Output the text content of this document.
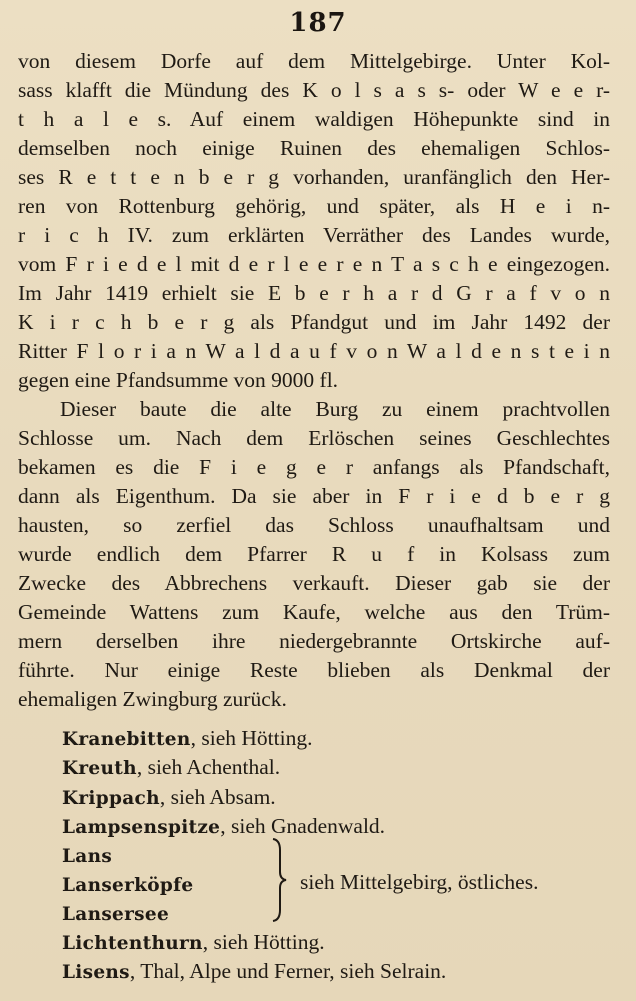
187
von diesem Dorfe auf dem Mittelgebirge. Unter Kol-
sass klafft die Mündung des K o l s a s s- oder W e e r-
t h a l e s. Auf einem waldigen Höhepunkte sind in
demselben noch einige Ruinen des ehemaligen Schlos-
ses R e t t e n b e r g vorhanden, uranfänglich den Her-
ren von Rottenburg gehörig, und später, als H e i n-
r i c h IV. zum erklärten Verräther des Landes wurde,
vom F r i e d e l mit d e r l e e r e n T a s c h e eingezogen.
Im Jahr 1419 erhielt sie E b e r h a r d G r a f v o n
K i r c h b e r g als Pfandgut und im Jahr 1492 der
Ritter F l o r i a n W a l d a u f v o n W a l d e n s t e i n
gegen eine Pfandsumme von 9000 fl.
Dieser baute die alte Burg zu einem prachtvollen
Schlosse um. Nach dem Erlöschen seines Geschlechtes
bekamen es die F i e g e r anfangs als Pfandschaft,
dann als Eigenthum. Da sie aber in F r i e d b e r g
hausten, so zerfiel das Schloss unaufhaltsam und
wurde endlich dem Pfarrer R u f in Kolsass zum
Zwecke des Abbrechens verkauft. Dieser gab sie der
Gemeinde Wattens zum Kaufe, welche aus den Trüm-
mern derselben ihre niedergebrannte Ortskirche auf-
führte. Nur einige Reste blieben als Denkmal der
ehemaligen Zwingburg zurück.
Kranebitten, sieh Hötting.
Kreuth, sieh Achenthal.
Krippach, sieh Absam.
Lampsenspitze, sieh Gnadenwald.
Lans
Lanserköpfe
Lansersee
Lichtenthurn, sieh Hötting.
Lisens, Thal, Alpe und Ferner, sieh Selrain.
sieh Mittelgebirg, östliches.
